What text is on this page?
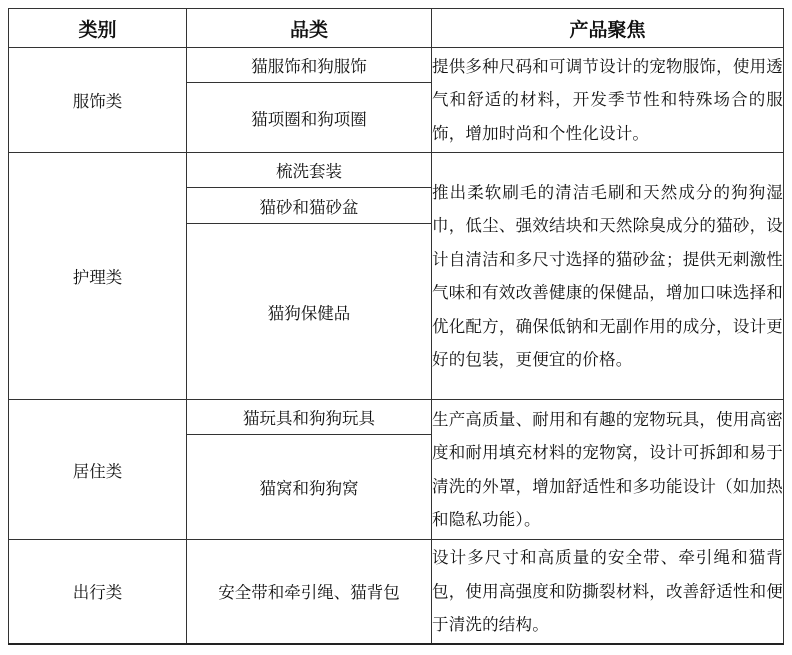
类别	品类	产品聚焦
服饰类	猫服饰和狗服饰	提供多种尺码和可调节设计的宠物服饰，使用透气和舒适的材料，开发季节性和特殊场合的服饰，增加时尚和个性化设计。
	猫项圈和狗项圈	
护理类	梳洗套装	推出柔软刷毛的清洁毛刷和天然成分的狗狗湿巾，低尘、强效结块和天然除臭成分的猫砂，设计自清洁和多尺寸选择的猫砂盆；提供无刺激性气味和有效改善健康的保健品，增加口味选择和优化配方，确保低钠和无副作用的成分，设计更好的包装，更便宜的价格。
	猫砂和猫砂盆	
	猫狗保健品	
居住类	猫玩具和狗狗玩具	生产高质量、耐用和有趣的宠物玩具，使用高密度和耐用填充材料的宠物窝，设计可拆卸和易于清洗的外罩，增加舒适性和多功能设计（如加热和隐私功能）。
	猫窝和狗狗窝	
出行类	安全带和牵引绳、猫背包	设计多尺寸和高质量的安全带、牵引绳和猫背包，使用高强度和防撕裂材料，改善舒适性和便于清洗的结构。
